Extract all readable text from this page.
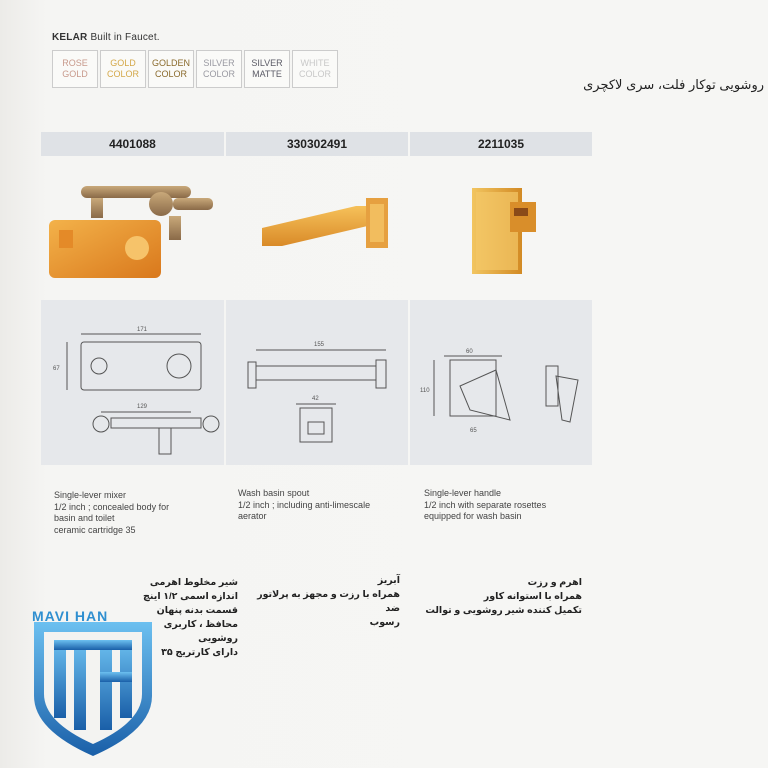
KELAR Built in Faucet.
ROSE
GOLD
GOLD
COLOR
GOLDEN
COLOR
SILVER
COLOR
SILVER
MATTE
WHITE
COLOR
روشویی توکار فلت، سری لاکچری
4401088	330302491	2211035
171
67
129
155
42
60
110
65
Single-lever mixer
1/2 inch ; concealed body for
basin and toilet
ceramic cartridge 35
Wash basin spout
1/2 inch ; including anti-limescale
aerator
Single-lever handle
1/2 inch with separate rosettes
equipped for wash basin
شیر مخلوط اهرمی
اندازه اسمی ۱/۲ اینچ
قسمت بدنه پنهان
محافظ ، کاربری
روشویی
دارای کارتریج ۳۵
آبریز
همراه با رزت و مجهز به پرلاتور ضد
رسوب
اهرم و رزت
همراه با استوانه کاور
تکمیل کننده شیر روشویی و توالت
MAVI HAN
